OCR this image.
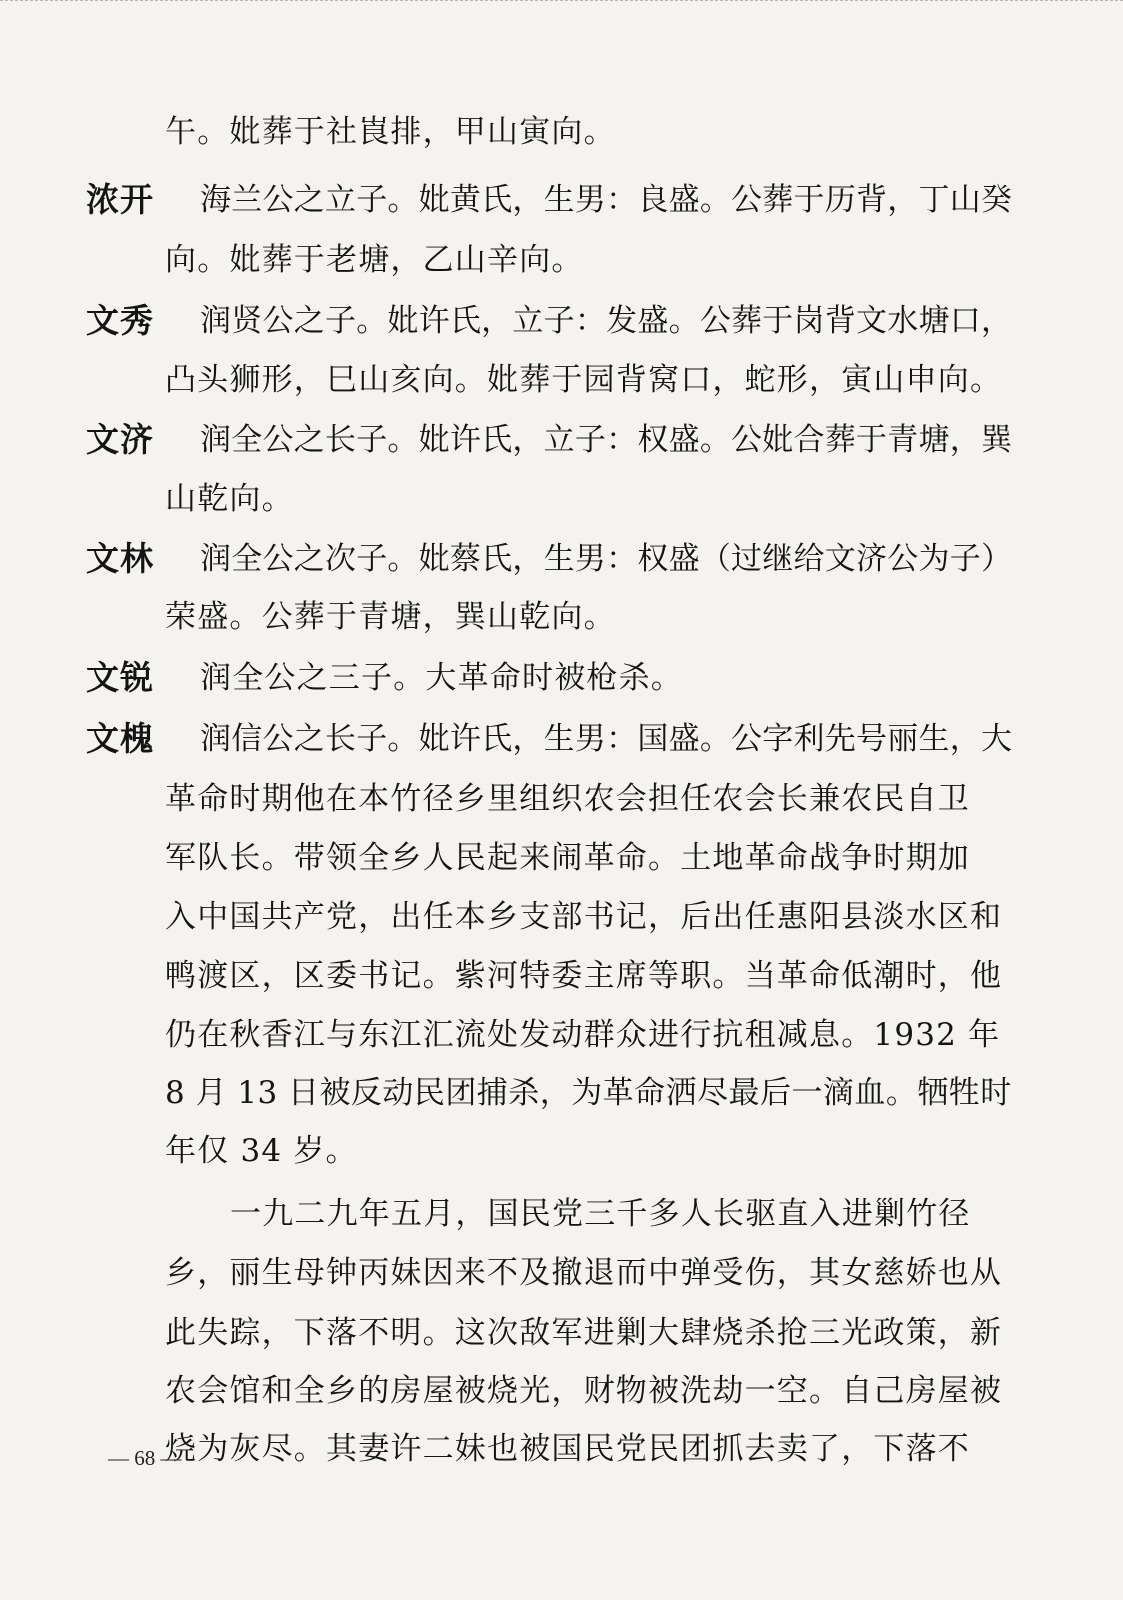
午。妣葬于社崀排，甲山寅向。
浓开 海兰公之立子。妣黄氏，生男：良盛。公葬于历背，丁山癸
向。妣葬于老塘，乙山辛向。
文秀 润贤公之子。妣许氏，立子：发盛。公葬于岗背文水塘口，
凸头狮形，巳山亥向。妣葬于园背窝口，蛇形，寅山申向。
文济 润全公之长子。妣许氏，立子：权盛。公妣合葬于青塘，巽
山乾向。
文林 润全公之次子。妣蔡氏，生男：权盛（过继给文济公为子）
荣盛。公葬于青塘，巽山乾向。
文锐 润全公之三子。大革命时被枪杀。
文槐 润信公之长子。妣许氏，生男：国盛。公字利先号丽生，大
革命时期他在本竹径乡里组织农会担任农会长兼农民自卫
军队长。带领全乡人民起来闹革命。土地革命战争时期加
入中国共产党，出任本乡支部书记，后出任惠阳县淡水区和
鸭渡区，区委书记。紫河特委主席等职。当革命低潮时，他
仍在秋香江与东江汇流处发动群众进行抗租减息。1932 年
8 月 13 日被反动民团捕杀，为革命洒尽最后一滴血。牺牲时
年仅 34 岁。
一九二九年五月，国民党三千多人长驱直入进剿竹径
乡，丽生母钟丙妹因来不及撤退而中弹受伤，其女慈娇也从
此失踪，下落不明。这次敌军进剿大肆烧杀抢三光政策，新
农会馆和全乡的房屋被烧光，财物被洗劫一空。自己房屋被
烧为灰尽。其妻许二妹也被国民党民团抓去卖了，下落不
— 68 —
